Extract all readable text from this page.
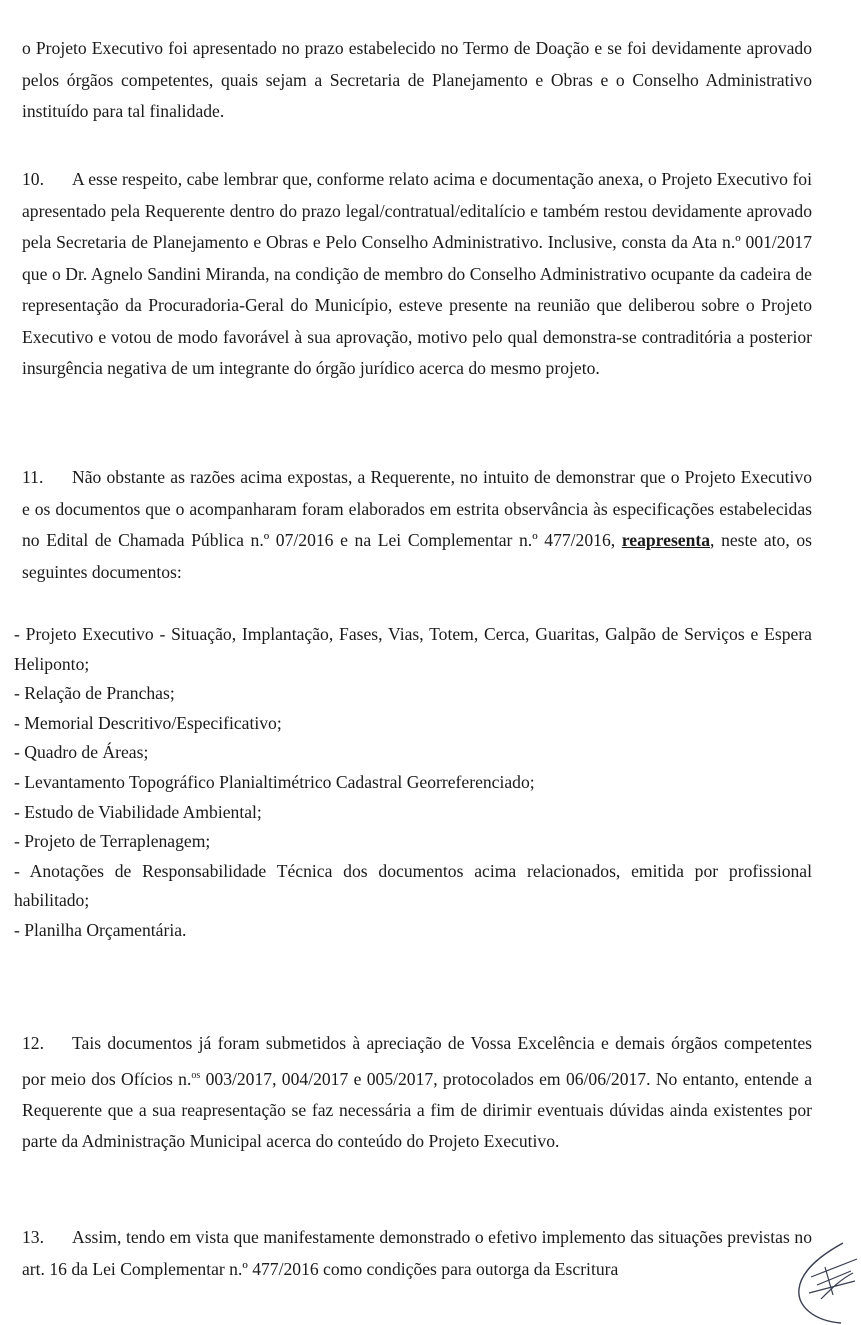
o Projeto Executivo foi apresentado no prazo estabelecido no Termo de Doação e se foi devidamente aprovado pelos órgãos competentes, quais sejam a Secretaria de Planejamento e Obras e o Conselho Administrativo instituído para tal finalidade.

10. A esse respeito, cabe lembrar que, conforme relato acima e documentação anexa, o Projeto Executivo foi apresentado pela Requerente dentro do prazo legal/contratual/editalício e também restou devidamente aprovado pela Secretaria de Planejamento e Obras e Pelo Conselho Administrativo. Inclusive, consta da Ata n.º 001/2017 que o Dr. Agnelo Sandini Miranda, na condição de membro do Conselho Administrativo ocupante da cadeira de representação da Procuradoria-Geral do Município, esteve presente na reunião que deliberou sobre o Projeto Executivo e votou de modo favorável à sua aprovação, motivo pelo qual demonstra-se contraditória a posterior insurgência negativa de um integrante do órgão jurídico acerca do mesmo projeto.

11. Não obstante as razões acima expostas, a Requerente, no intuito de demonstrar que o Projeto Executivo e os documentos que o acompanharam foram elaborados em estrita observância às especificações estabelecidas no Edital de Chamada Pública n.º 07/2016 e na Lei Complementar n.º 477/2016, reapresenta, neste ato, os seguintes documentos:

- Projeto Executivo - Situação, Implantação, Fases, Vias, Totem, Cerca, Guaritas, Galpão de Serviços e Espera Heliponto;
- Relação de Pranchas;
- Memorial Descritivo/Especificativo;
- Quadro de Áreas;
- Levantamento Topográfico Planialtimétrico Cadastral Georreferenciado;
- Estudo de Viabilidade Ambiental;
- Projeto de Terraplenagem;
- Anotações de Responsabilidade Técnica dos documentos acima relacionados, emitida por profissional habilitado;
- Planilha Orçamentária.

12. Tais documentos já foram submetidos à apreciação de Vossa Excelência e demais órgãos competentes por meio dos Ofícios n.$^{os}$ 003/2017, 004/2017 e 005/2017, protocolados em 06/06/2017. No entanto, entende a Requerente que a sua reapresentação se faz necessária a fim de dirimir eventuais dúvidas ainda existentes por parte da Administração Municipal acerca do conteúdo do Projeto Executivo.

13. Assim, tendo em vista que manifestamente demonstrado o efetivo implemento das situações previstas no art. 16 da Lei Complementar n.º 477/2016 como condições para outorga da Escritura
